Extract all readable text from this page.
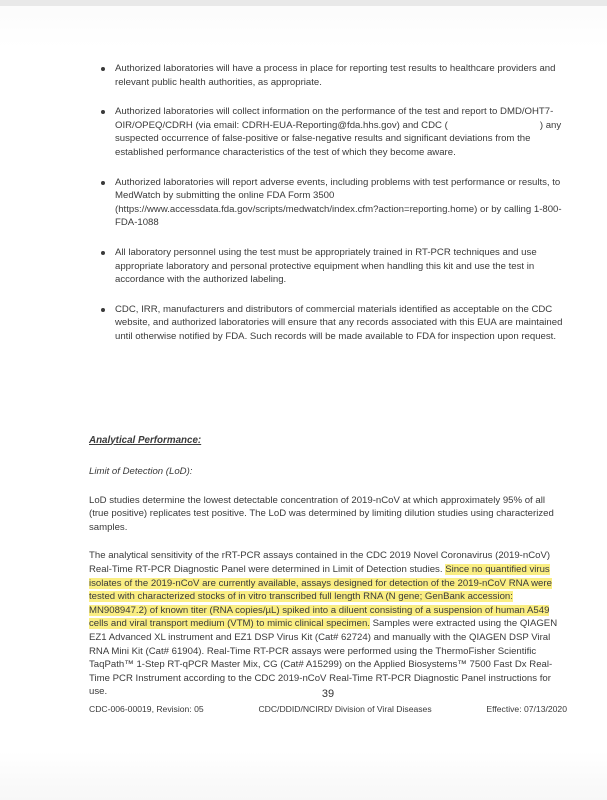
Authorized laboratories will have a process in place for reporting test results to healthcare providers and relevant public health authorities, as appropriate.
Authorized laboratories will collect information on the performance of the test and report to DMD/OHT7-OIR/OPEQ/CDRH (via email: CDRH-EUA-Reporting@fda.hhs.gov) and CDC (	) any suspected occurrence of false-positive or false-negative results and significant deviations from the established performance characteristics of the test of which they become aware.
Authorized laboratories will report adverse events, including problems with test performance or results, to MedWatch by submitting the online FDA Form 3500 (https://www.accessdata.fda.gov/scripts/medwatch/index.cfm?action=reporting.home) or by calling 1-800-FDA-1088
All laboratory personnel using the test must be appropriately trained in RT-PCR techniques and use appropriate laboratory and personal protective equipment when handling this kit and use the test in accordance with the authorized labeling.
CDC, IRR, manufacturers and distributors of commercial materials identified as acceptable on the CDC website, and authorized laboratories will ensure that any records associated with this EUA are maintained until otherwise notified by FDA. Such records will be made available to FDA for inspection upon request.
Analytical Performance:
Limit of Detection (LoD):
LoD studies determine the lowest detectable concentration of 2019-nCoV at which approximately 95% of all (true positive) replicates test positive. The LoD was determined by limiting dilution studies using characterized samples.
The analytical sensitivity of the rRT-PCR assays contained in the CDC 2019 Novel Coronavirus (2019-nCoV) Real-Time RT-PCR Diagnostic Panel were determined in Limit of Detection studies. Since no quantified virus isolates of the 2019-nCoV are currently available, assays designed for detection of the 2019-nCoV RNA were tested with characterized stocks of in vitro transcribed full length RNA (N gene; GenBank accession: MN908947.2) of known titer (RNA copies/µL) spiked into a diluent consisting of a suspension of human A549 cells and viral transport medium (VTM) to mimic clinical specimen. Samples were extracted using the QIAGEN EZ1 Advanced XL instrument and EZ1 DSP Virus Kit (Cat# 62724) and manually with the QIAGEN DSP Viral RNA Mini Kit (Cat# 61904). Real-Time RT-PCR assays were performed using the ThermoFisher Scientific TaqPath™ 1-Step RT-qPCR Master Mix, CG (Cat# A15299) on the Applied Biosystems™ 7500 Fast Dx Real-Time PCR Instrument according to the CDC 2019-nCoV Real-Time RT-PCR Diagnostic Panel instructions for use.	39
CDC-006-00019, Revision: 05	CDC/DDID/NCIRD/ Division of Viral Diseases	Effective: 07/13/2020
